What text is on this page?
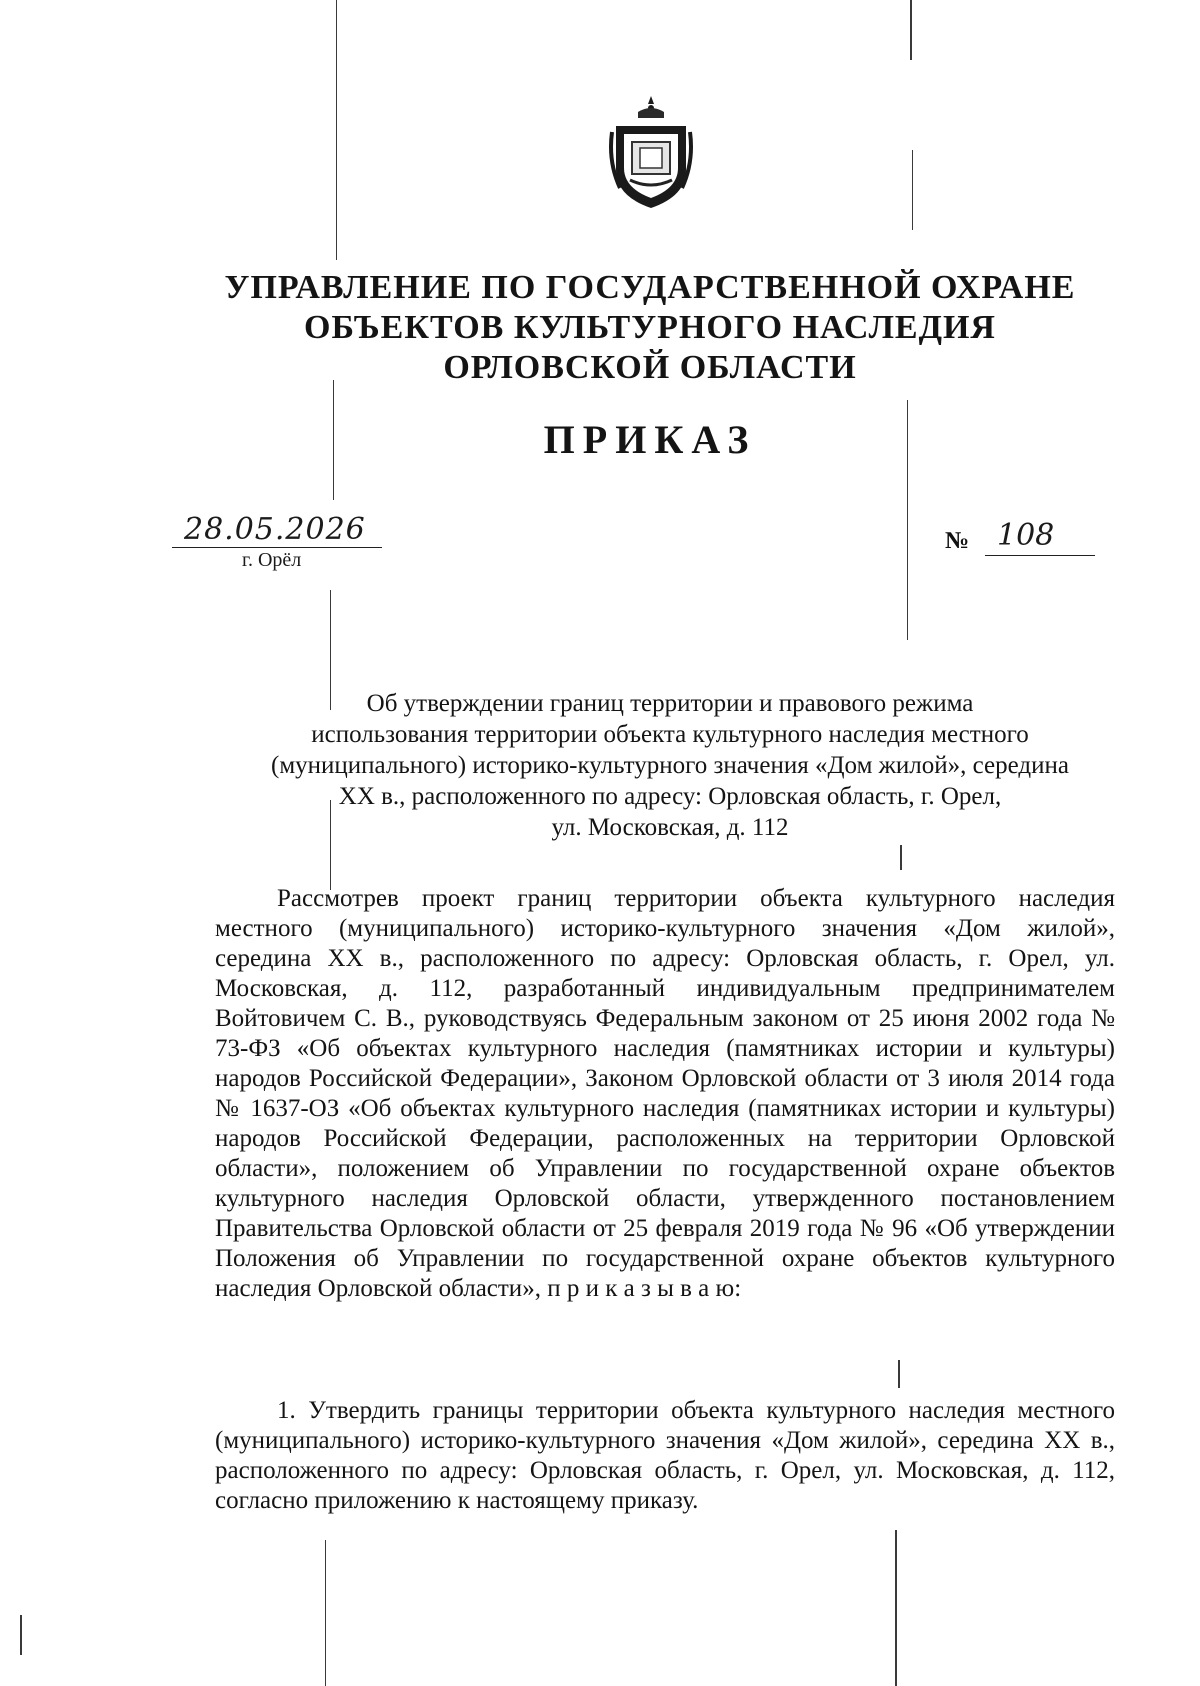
УПРАВЛЕНИЕ ПО ГОСУДАРСТВЕННОЙ ОХРАНЕ
ОБЪЕКТОВ КУЛЬТУРНОГО НАСЛЕДИЯ
ОРЛОВСКОЙ ОБЛАСТИ
ПРИКАЗ
28.05.2026
г. Орёл
№ 108
Об утверждении границ территории и правового режима
использования территории объекта культурного наследия местного
(муниципального) историко-культурного значения «Дом жилой», середина
XX в., расположенного по адресу: Орловская область, г. Орел,
ул. Московская, д. 112

Рассмотрев проект границ территории объекта культурного наследия местного (муниципального) историко-культурного значения «Дом жилой», середина XX в., расположенного по адресу: Орловская область, г. Орел, ул. Московская, д. 112, разработанный индивидуальным предпринимателем Войтовичем С. В., руководствуясь Федеральным законом от 25 июня 2002 года № 73-ФЗ «Об объектах культурного наследия (памятниках истории и культуры) народов Российской Федерации», Законом Орловской области от 3 июля 2014 года № 1637-ОЗ «Об объектах культурного наследия (памятниках истории и культуры) народов Российской Федерации, расположенных на территории Орловской области», положением об Управлении по государственной охране объектов культурного наследия Орловской области, утвержденного постановлением Правительства Орловской области от 25 февраля 2019 года № 96 «Об утверждении Положения об Управлении по государственной охране объектов культурного наследия Орловской области», п р и к а з ы в а ю:

1. Утвердить границы территории объекта культурного наследия местного (муниципального) историко-культурного значения «Дом жилой», середина XX в., расположенного по адресу: Орловская область, г. Орел, ул. Московская, д. 112, согласно приложению к настоящему приказу.
